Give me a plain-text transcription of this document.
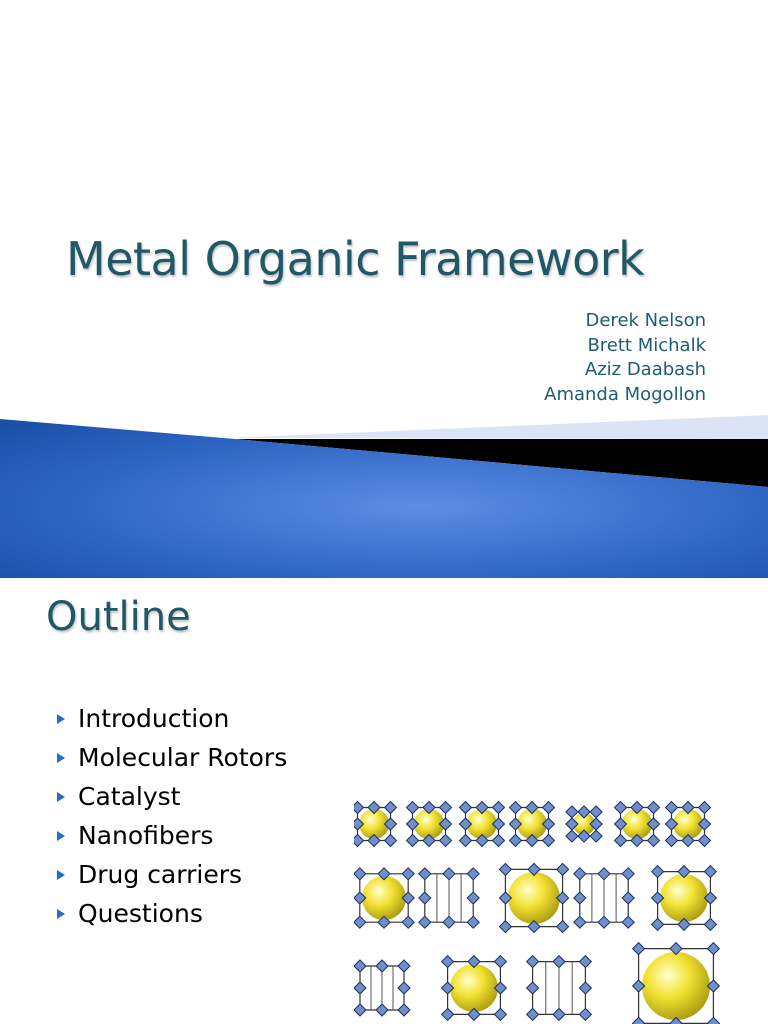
Metal Organic Framework
Derek Nelson
Brett Michalk
Aziz Daabash
Amanda Mogollon
Outline
Introduction
Molecular Rotors
Catalyst
Nanofibers
Drug carriers
Questions
